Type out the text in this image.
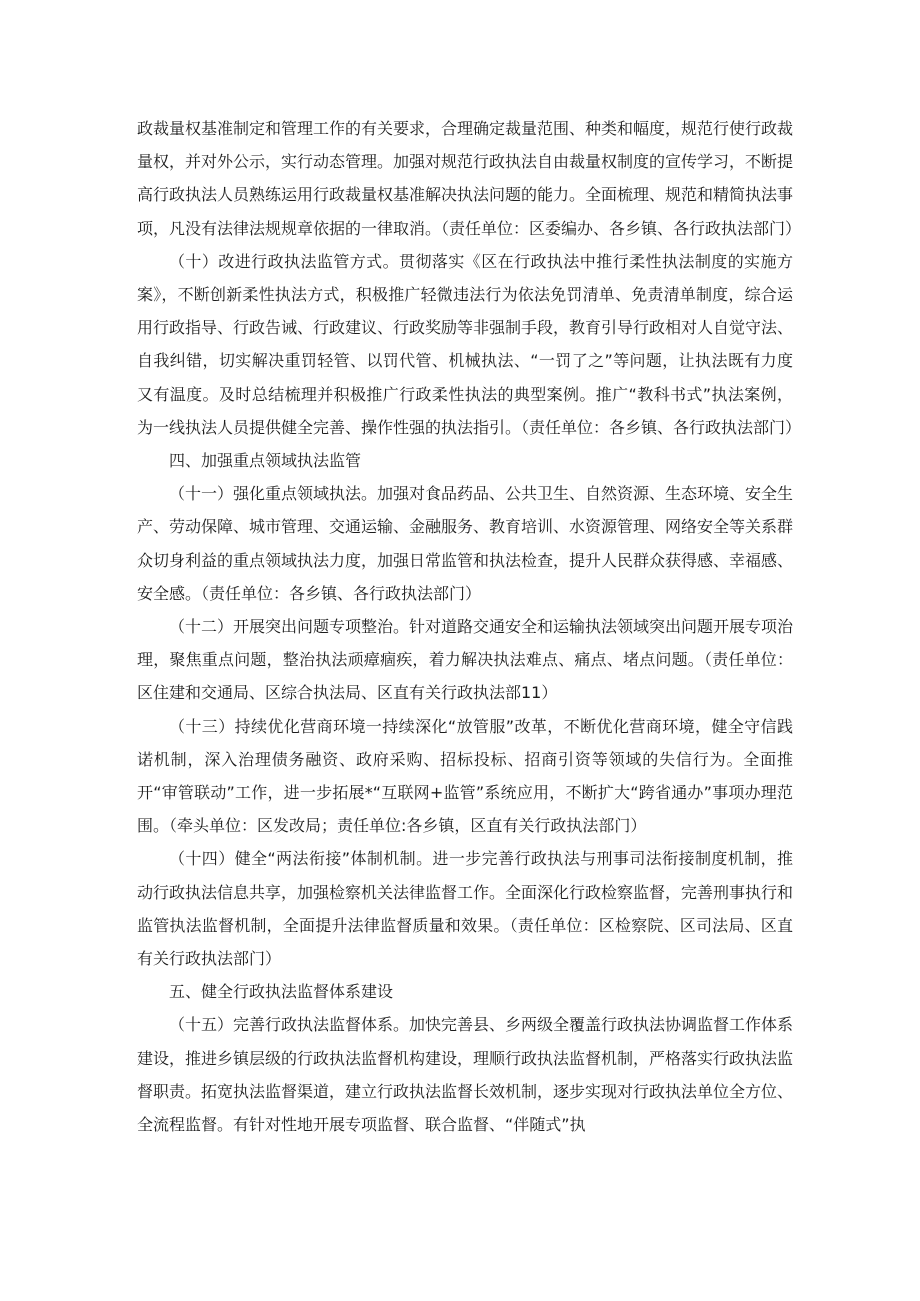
政裁量权基准制定和管理工作的有关要求，合理确定裁量范围、种类和幅度，规范行使行政裁量权，并对外公示，实行动态管理。加强对规范行政执法自由裁量权制度的宣传学习，不断提高行政执法人员熟练运用行政裁量权基准解决执法问题的能力。全面梳理、规范和精简执法事项，凡没有法律法规规章依据的一律取消。（责任单位：区委编办、各乡镇、各行政执法部门）

（十）改进行政执法监管方式。贯彻落实《区在行政执法中推行柔性执法制度的实施方案》，不断创新柔性执法方式，积极推广轻微违法行为依法免罚清单、免责清单制度，综合运用行政指导、行政告诫、行政建议、行政奖励等非强制手段，教育引导行政相对人自觉守法、自我纠错，切实解决重罚轻管、以罚代管、机械执法、“一罚了之”等问题，让执法既有力度又有温度。及时总结梳理并积极推广行政柔性执法的典型案例。推广“教科书式”执法案例，为一线执法人员提供健全完善、操作性强的执法指引。（责任单位：各乡镇、各行政执法部门）

四、加强重点领域执法监管

（十一）强化重点领域执法。加强对食品药品、公共卫生、自然资源、生态环境、安全生产、劳动保障、城市管理、交通运输、金融服务、教育培训、水资源管理、网络安全等关系群众切身利益的重点领域执法力度，加强日常监管和执法检查，提升人民群众获得感、幸福感、安全感。（责任单位：各乡镇、各行政执法部门）

（十二）开展突出问题专项整治。针对道路交通安全和运输执法领域突出问题开展专项治理，聚焦重点问题，整治执法顽瘴痼疾，着力解决执法难点、痛点、堵点问题。（责任单位：区住建和交通局、区综合执法局、区直有关行政执法部11）

（十三）持续优化营商环境一持续深化“放管服”改革，不断优化营商环境，健全守信践诺机制，深入治理债务融资、政府采购、招标投标、招商引资等领域的失信行为。全面推开“审管联动”工作，进一步拓展*“互联网+监管”系统应用，不断扩大“跨省通办”事项办理范围。（牵头单位：区发改局；责任单位:各乡镇，区直有关行政执法部门）

（十四）健全“两法衔接”体制机制。进一步完善行政执法与刑事司法衔接制度机制，推动行政执法信息共享，加强检察机关法律监督工作。全面深化行政检察监督，完善刑事执行和监管执法监督机制，全面提升法律监督质量和效果。（责任单位：区检察院、区司法局、区直有关行政执法部门）

五、健全行政执法监督体系建设

（十五）完善行政执法监督体系。加快完善县、乡两级全覆盖行政执法协调监督工作体系建设，推进乡镇层级的行政执法监督机构建设，理顺行政执法监督机制，严格落实行政执法监督职责。拓宽执法监督渠道，建立行政执法监督长效机制，逐步实现对行政执法单位全方位、全流程监督。有针对性地开展专项监督、联合监督、“伴随式”执
